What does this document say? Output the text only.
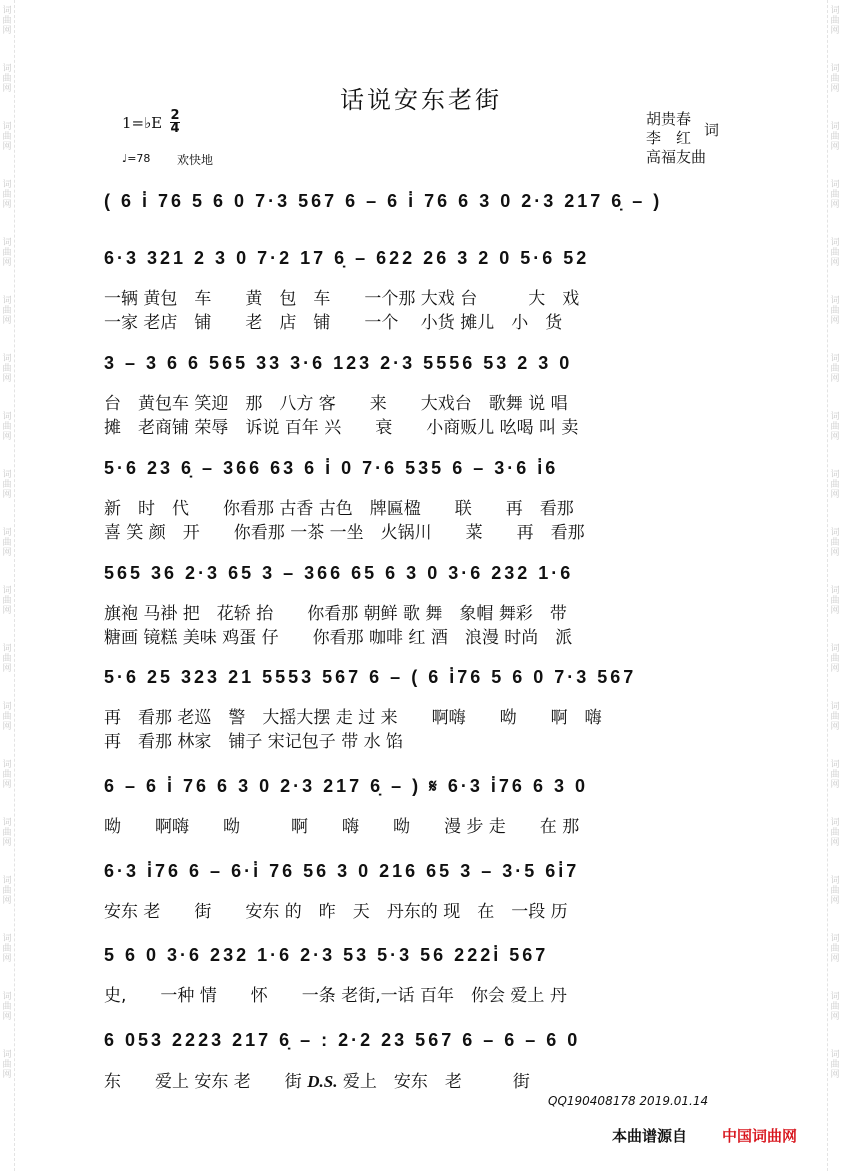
词曲网
词曲网
词曲网
词曲网
词曲网
词曲网
词曲网
词曲网
词曲网
词曲网
词曲网
词曲网
词曲网
词曲网
词曲网
词曲网
词曲网
词曲网
词曲网
词曲网
词曲网
词曲网
词曲网
词曲网
词曲网
词曲网
词曲网
词曲网
词曲网
词曲网
词曲网
词曲网
词曲网
词曲网
词曲网
词曲网
词曲网
词曲网
话说安东老街
1=♭E 2
4
♩=78 欢快地
胡贵春
李　红 词
高福友曲
( 6 i̇ 76 5 6 0 7·3 567 6 – 6 i̇ 76 6 3 0 2·3 217 6̣ – )
6·3 321 2 3 0 7·2 17 6̣ – 622 26 3 2 0 5·6 52
一辆 黄包　车　　黄　包　车　　一个那 大戏 台　　　大　戏
一家 老店　铺　　老　店　铺　　一个　 小货 摊儿　小　货
3 – 3 6 6 565 33 3·6 123 2·3 5556 53 2 3 0
台　黄包车 笑迎　那　八方 客　　来　　大戏台　歌舞 说 唱
摊　老商铺 荣辱　诉说 百年 兴　　衰　　小商贩儿 吆喝 叫 卖
5·6 23 6̣ – 366 63 6 i̇ 0 7·6 535 6 – 3·6 i̇6
新　时　代　　你看那 古香 古色　牌匾楹　　联　　再　看那
喜 笑 颜　开　　你看那 一茶 一坐　火锅川　　菜　　再　看那
565 36 2·3 65 3 – 366 65 6 3 0 3·6 232 1·6
旗袍 马褂 把　花轿 抬　　你看那 朝鲜 歌 舞　象帽 舞彩　带
糖画 镜糕 美味 鸡蛋 仔　　你看那 咖啡 红 酒　浪漫 时尚　派
5·6 25 323 21 5553 567 6 – ( 6 i̇76 5 6 0 7·3 567
再　看那 老巡　警　大摇大摆 走 过 来　　啊嗨　　呦　　啊　嗨
再　看那 林家　铺子 宋记包子 带 水 馅
6 – 6 i̇ 76 6 3 0 2·3 217 6̣ – ) 𝄋 6·3 i̇76 6 3 0
呦　　啊嗨　　呦　　　啊　　嗨　　呦　　漫 步 走　　在 那
6·3 i̇76 6 – 6·i̇ 76 56 3 0 216 65 3 – 3·5 6i̇7
安东 老　　街　　安东 的　昨　天　丹东的 现　在　一段 历
5 6 0 3·6 232 1·6 2·3 53 5·3 56 222i̇ 567
史,　　一种 情　　怀　　一条 老街,一话 百年　你会 爱上 丹
6 053 2223 217 6̣ – : 2·2 23 567 6 – 6 – 6 0
东　　爱上 安东 老　　街 D.S. 爱上　安东　老　　　街
QQ190408178 2019.01.14
本曲谱源自 中国词曲网
